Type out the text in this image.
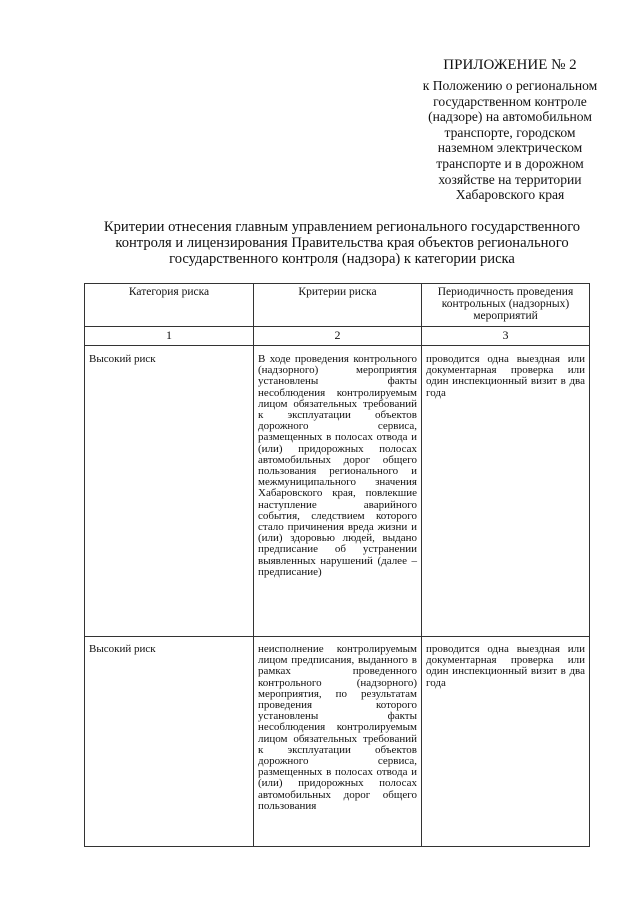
ПРИЛОЖЕНИЕ № 2
к Положению о региональном
государственном контроле
(надзоре) на автомобильном
транспорте, городском
наземном электрическом
транспорте и в дорожном
хозяйстве на территории
Хабаровского края
Критерии отнесения главным управлением регионального государственного
контроля и лицензирования Правительства края объектов регионального
государственного контроля (надзора) к категории риска
Категория риска	Критерии риска	Периодичность проведения контрольных (надзорных) мероприятий
1	2	3
Высокий риск	В ходе проведения контрольного (надзорного) мероприятия установлены факты несоблюдения контролируемым лицом обязательных требований к эксплуатации объектов дорожного сервиса, размещенных в полосах отвода и (или) придорожных полосах автомобильных дорог общего пользования регионального и межмуниципального значения Хабаровского края, повлекшие наступление аварийного события, следствием которого стало причинения вреда жизни и (или) здоровью людей, выдано предписание об устранении выявленных нарушений (далее – предписание)	проводится одна выездная или документарная проверка или один инспекционный визит в два года
Высокий риск	неисполнение контролируемым лицом предписания, выданного в рамках проведенного контрольного (надзорного) мероприятия, по результатам проведения которого установлены факты несоблюдения контролируемым лицом обязательных требований к эксплуатации объектов дорожного сервиса, размещенных в полосах отвода и (или) придорожных полосах автомобильных дорог общего пользования	проводится одна выездная или документарная проверка или один инспекционный визит в два года
